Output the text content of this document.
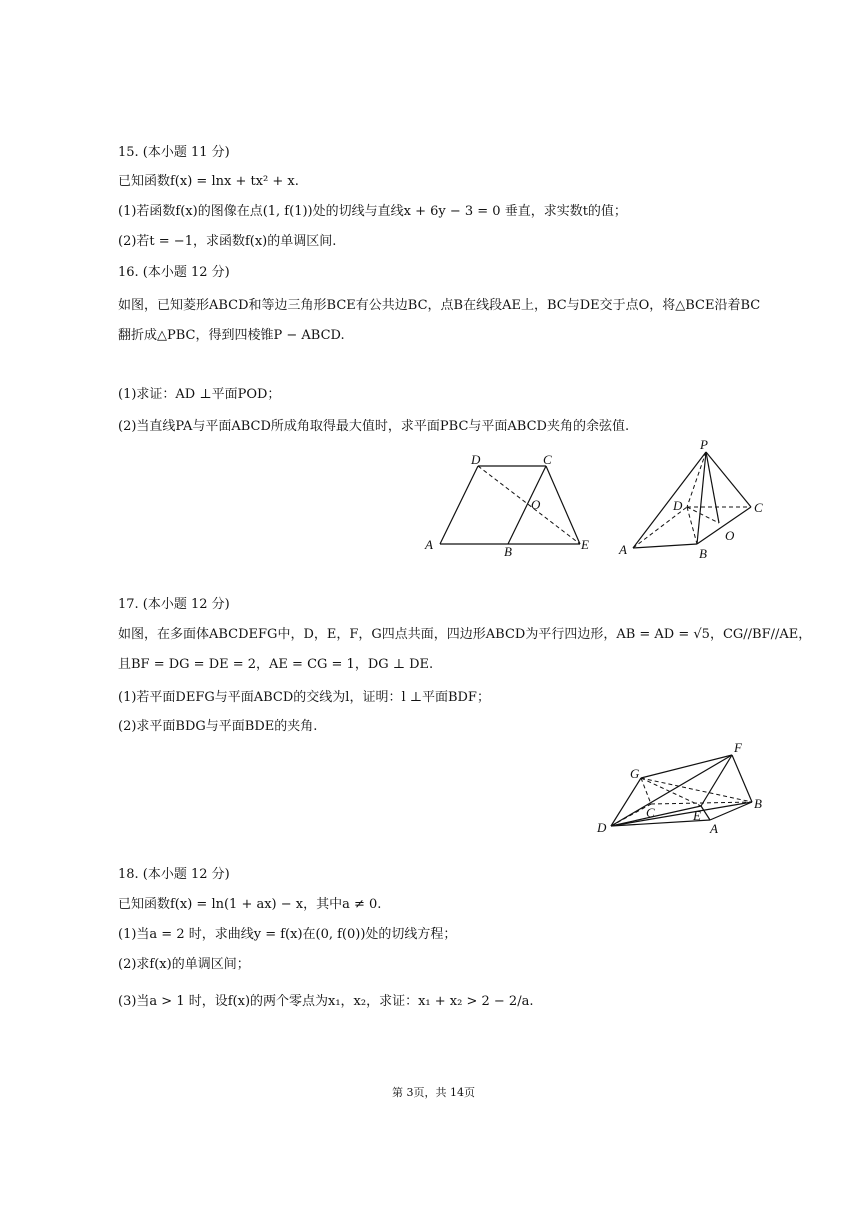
15. (本小题 11 分)
已知函数f(x) = lnx + tx² + x.
(1)若函数f(x)的图像在点(1, f(1))处的切线与直线x + 6y − 3 = 0 垂直，求实数t的值；
(2)若t = −1，求函数f(x)的单调区间.
16. (本小题 12 分)
如图，已知菱形ABCD和等边三角形BCE有公共边BC，点B在线段AE上，BC与DE交于点O，将△BCE沿着BC
翻折成△PBC，得到四棱锥P − ABCD.
(1)求证：AD ⊥平面POD；
(2)当直线PA与平面ABCD所成角取得最大值时，求平面PBC与平面ABCD夹角的余弦值.
D	C
O
A	B	E
P
D	C
O
A	B
17. (本小题 12 分)
如图，在多面体ABCDEFG中，D，E，F，G四点共面，四边形ABCD为平行四边形，AB = AD = √5，CG//BF//AE，
且BF = DG = DE = 2，AE = CG = 1，DG ⊥ DE.
(1)若平面DEFG与平面ABCD的交线为l，证明：l ⊥平面BDF；
(2)求平面BDG与平面BDE的夹角.
F
G
C	E
B
D	A
18. (本小题 12 分)
已知函数f(x) = ln(1 + ax) − x，其中a ≠ 0.
(1)当a = 2 时，求曲线y = f(x)在(0, f(0))处的切线方程；
(2)求f(x)的单调区间；
(3)当a > 1 时，设f(x)的两个零点为x₁，x₂，求证：x₁ + x₂ > 2 − 2/a.
第 3页，共 14页
